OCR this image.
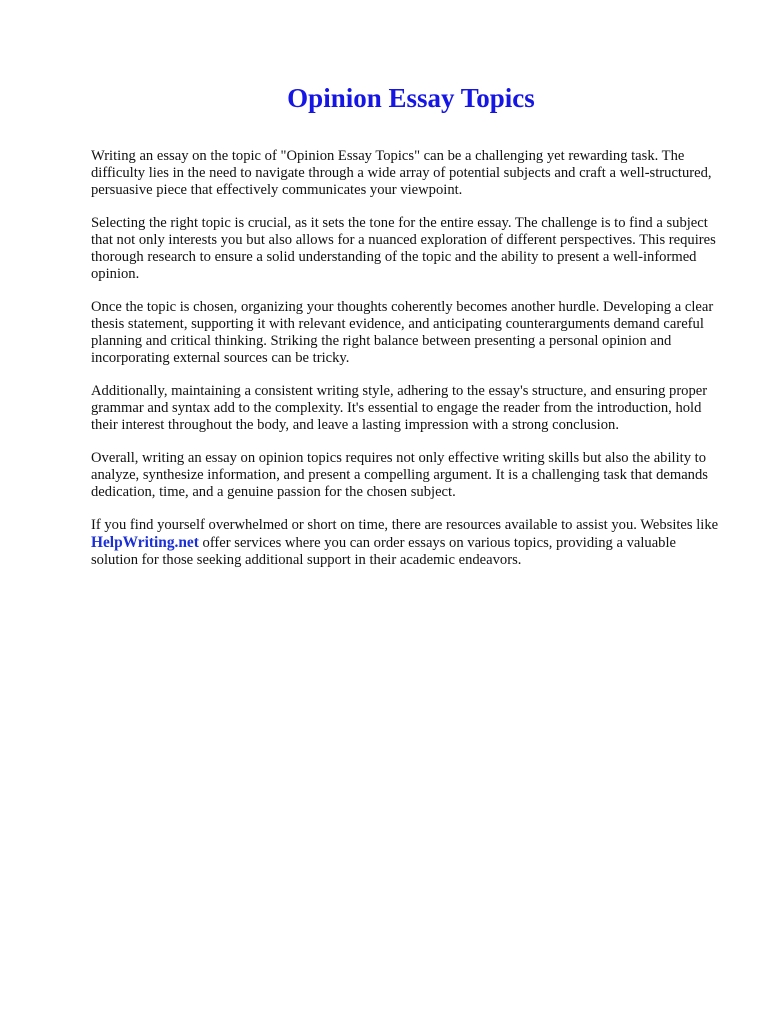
Opinion Essay Topics

Writing an essay on the topic of "Opinion Essay Topics" can be a challenging yet rewarding task. The difficulty lies in the need to navigate through a wide array of potential subjects and craft a well-structured, persuasive piece that effectively communicates your viewpoint.

Selecting the right topic is crucial, as it sets the tone for the entire essay. The challenge is to find a subject that not only interests you but also allows for a nuanced exploration of different perspectives. This requires thorough research to ensure a solid understanding of the topic and the ability to present a well-informed opinion.

Once the topic is chosen, organizing your thoughts coherently becomes another hurdle. Developing a clear thesis statement, supporting it with relevant evidence, and anticipating counterarguments demand careful planning and critical thinking. Striking the right balance between presenting a personal opinion and incorporating external sources can be tricky.

Additionally, maintaining a consistent writing style, adhering to the essay's structure, and ensuring proper grammar and syntax add to the complexity. It's essential to engage the reader from the introduction, hold their interest throughout the body, and leave a lasting impression with a strong conclusion.

Overall, writing an essay on opinion topics requires not only effective writing skills but also the ability to analyze, synthesize information, and present a compelling argument. It is a challenging task that demands dedication, time, and a genuine passion for the chosen subject.

If you find yourself overwhelmed or short on time, there are resources available to assist you. Websites like HelpWriting.net offer services where you can order essays on various topics, providing a valuable solution for those seeking additional support in their academic endeavors.
